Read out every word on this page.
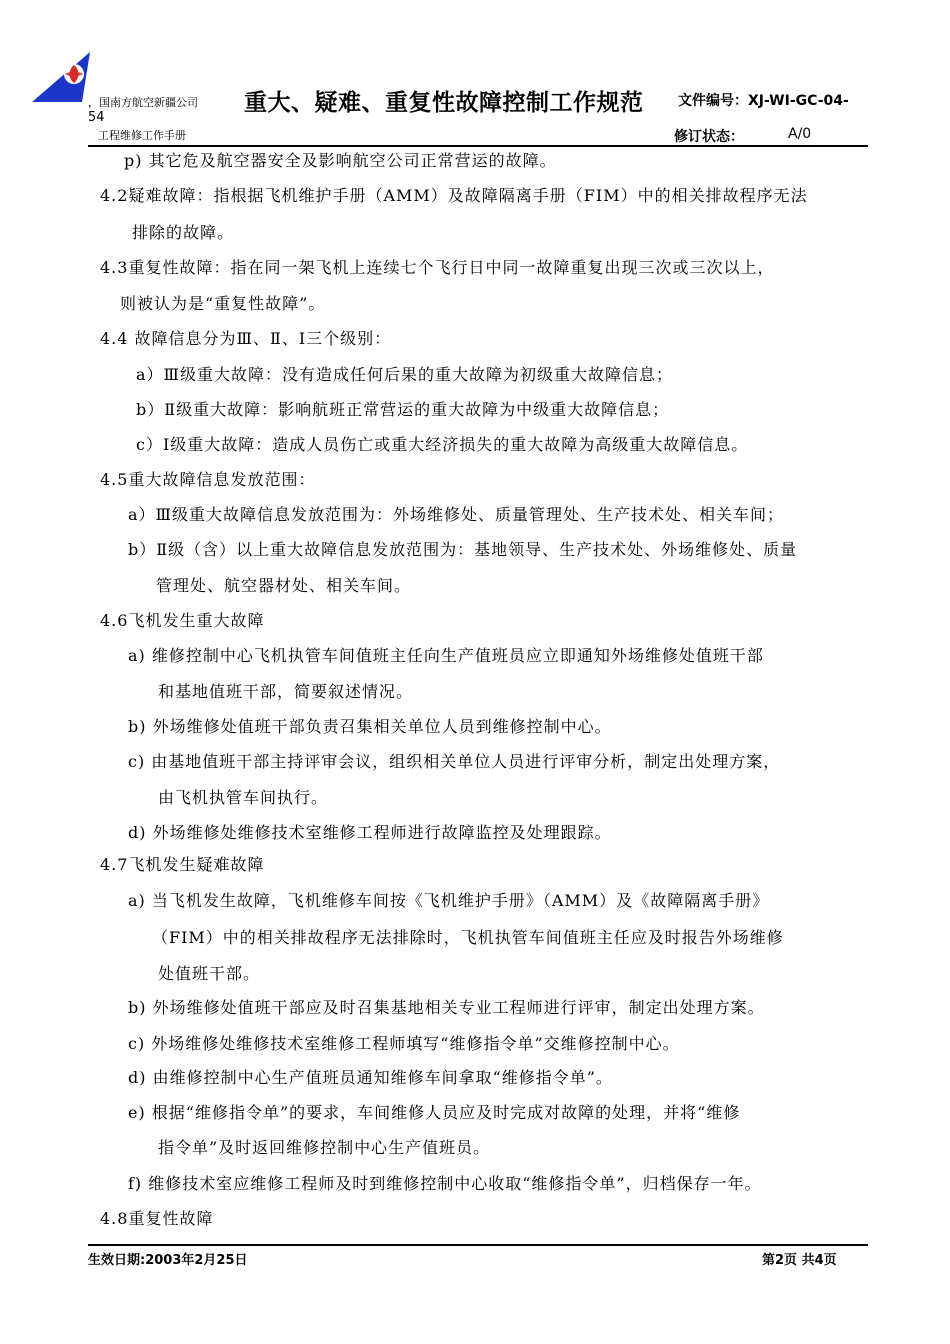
，国南方航空新疆公司 重大、疑难、重复性故障控制工作规范 文件编号：XJ-WI-GC-04-
54
工程维修工作手册	修订状态：	A/0
p) 其它危及航空器安全及影响航空公司正常营运的故障。
4.2疑难故障：指根据飞机维护手册（AMM）及故障隔离手册（FIM）中的相关排故程序无法
排除的故障。
4.3重复性故障：指在同一架飞机上连续七个飞行日中同一故障重复出现三次或三次以上，
则被认为是“重复性故障”。
4.4 故障信息分为Ⅲ、Ⅱ、Ⅰ三个级别：
a）Ⅲ级重大故障：没有造成任何后果的重大故障为初级重大故障信息；
b）Ⅱ级重大故障：影响航班正常营运的重大故障为中级重大故障信息；
c）Ⅰ级重大故障：造成人员伤亡或重大经济损失的重大故障为高级重大故障信息。
4.5重大故障信息发放范围：
a）Ⅲ级重大故障信息发放范围为：外场维修处、质量管理处、生产技术处、相关车间；
b）Ⅱ级（含）以上重大故障信息发放范围为：基地领导、生产技术处、外场维修处、质量
管理处、航空器材处、相关车间。
4.6飞机发生重大故障
a) 维修控制中心飞机执管车间值班主任向生产值班员应立即通知外场维修处值班干部
和基地值班干部，简要叙述情况。
b) 外场维修处值班干部负责召集相关单位人员到维修控制中心。
c) 由基地值班干部主持评审会议，组织相关单位人员进行评审分析，制定出处理方案，
由飞机执管车间执行。
d) 外场维修处维修技术室维修工程师进行故障监控及处理跟踪。
4.7飞机发生疑难故障
a) 当飞机发生故障，飞机维修车间按《飞机维护手册》（AMM）及《故障隔离手册》
（FIM）中的相关排故程序无法排除时，飞机执管车间值班主任应及时报告外场维修
处值班干部。
b) 外场维修处值班干部应及时召集基地相关专业工程师进行评审，制定出处理方案。
c) 外场维修处维修技术室维修工程师填写“维修指令单”交维修控制中心。
d) 由维修控制中心生产值班员通知维修车间拿取“维修指令单”。
e) 根据“维修指令单”的要求，车间维修人员应及时完成对故障的处理，并将“维修
指令单”及时返回维修控制中心生产值班员。
f) 维修技术室应维修工程师及时到维修控制中心收取“维修指令单”，归档保存一年。
4.8重复性故障
生效日期:2003年2月25日	第2页 共4页
